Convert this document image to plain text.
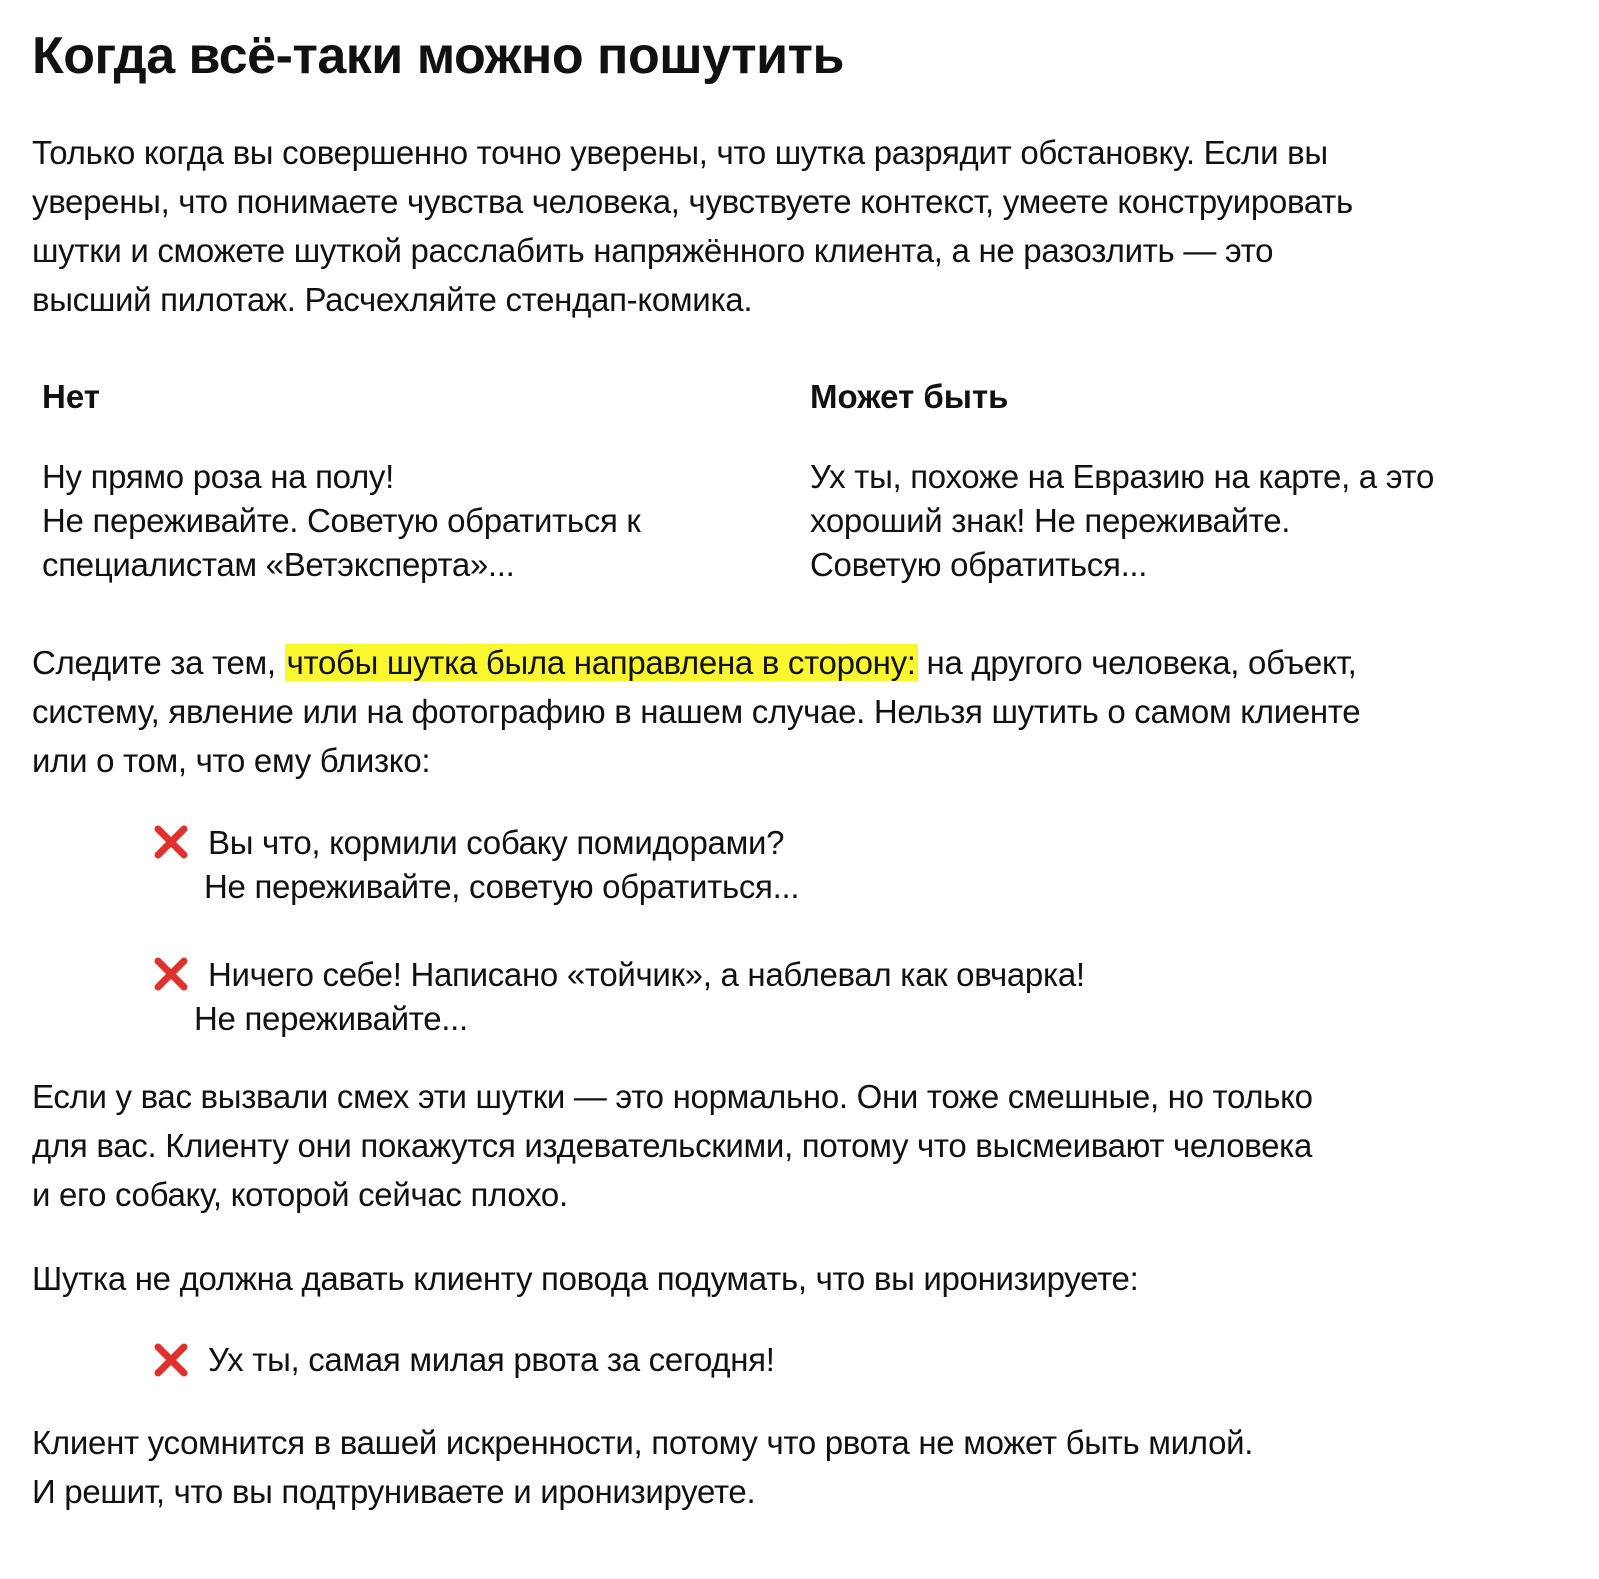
Когда всё-таки можно пошутить

Только когда вы совершенно точно уверены, что шутка разрядит обстановку. Если вы
уверены, что понимаете чувства человека, чувствуете контекст, умеете конструировать
шутки и сможете шуткой расслабить напряжённого клиента, а не разозлить — это
высший пилотаж. Расчехляйте стендап-комика.

Нет	Может быть
Ну прямо роза на полу!
Не переживайте. Советую обратиться к
специалистам «Ветэксперта»...
Ух ты, похоже на Евразию на карте, а это
хороший знак! Не переживайте.
Советую обратиться...

Следите за тем, чтобы шутка была направлена в сторону: на другого человека, объект,
систему, явление или на фотографию в нашем случае. Нельзя шутить о самом клиенте
или о том, что ему близко:

Вы что, кормили собаку помидорами?
Не переживайте, советую обратиться...
Ничего себе! Написано «тойчик», а наблевал как овчарка!
Не переживайте...

Если у вас вызвали смех эти шутки — это нормально. Они тоже смешные, но только
для вас. Клиенту они покажутся издевательскими, потому что высмеивают человека
и его собаку, которой сейчас плохо.

Шутка не должна давать клиенту повода подумать, что вы иронизируете:

Ух ты, самая милая рвота за сегодня!

Клиент усомнится в вашей искренности, потому что рвота не может быть милой.
И решит, что вы подтруниваете и иронизируете.
